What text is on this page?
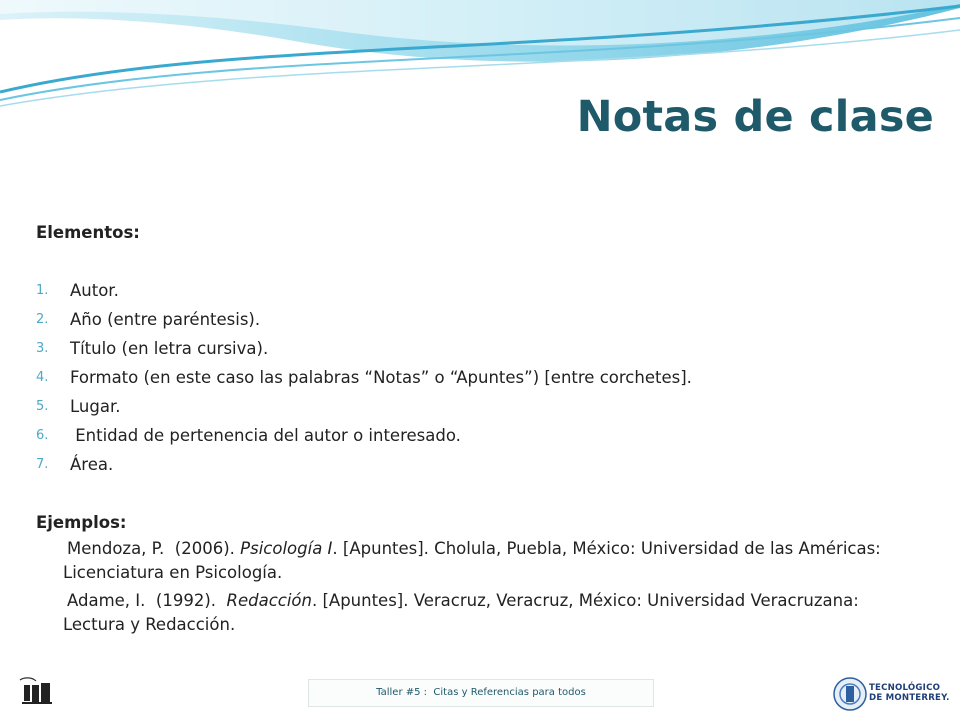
Notas de clase

Elementos:

1. Autor.
2. Año (entre paréntesis).
3. Título (en letra cursiva).
4. Formato (en este caso las palabras “Notas” o “Apuntes”) [entre corchetes].
5. Lugar.
6. Entidad de pertenencia del autor o interesado.
7. Área.

Ejemplos:

Mendoza, P.  (2006). Psicología I. [Apuntes]. Cholula, Puebla, México: Universidad de las Américas: Licenciatura en Psicología.

Adame, I.  (1992).  Redacción. [Apuntes]. Veracruz, Veracruz, México: Universidad Veracruzana: Lectura y Redacción.

TECNOLÓGICO
DE MONTERREY.
Taller #5 :  Citas y Referencias para todos
